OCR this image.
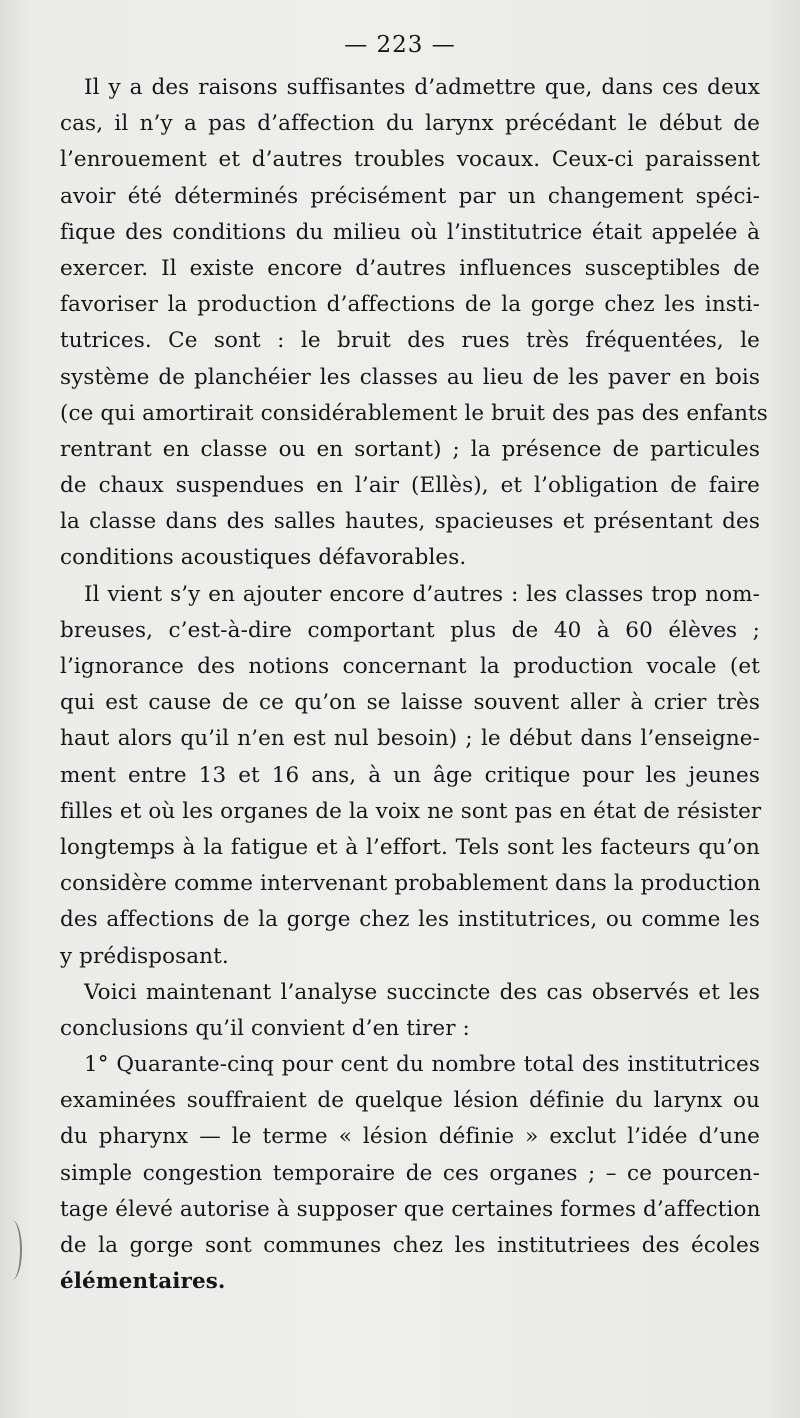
— 223 —
Il y a des raisons suffisantes d’admettre que, dans ces deux
cas, il n’y a pas d’affection du larynx précédant le début de
l’enrouement et d’autres troubles vocaux. Ceux-ci paraissent
avoir été déterminés précisément par un changement spéci-
fique des conditions du milieu où l’institutrice était appelée à
exercer. Il existe encore d’autres influences susceptibles de
favoriser la production d’affections de la gorge chez les insti-
tutrices. Ce sont : le bruit des rues très fréquentées, le
système de planchéier les classes au lieu de les paver en bois
(ce qui amortirait considérablement le bruit des pas des enfants
rentrant en classe ou en sortant) ; la présence de particules
de chaux suspendues en l’air (Ellès), et l’obligation de faire
la classe dans des salles hautes, spacieuses et présentant des
conditions acoustiques défavorables.
Il vient s’y en ajouter encore d’autres : les classes trop nom-
breuses, c’est-à-dire comportant plus de 40 à 60 élèves ;
l’ignorance des notions concernant la production vocale (et
qui est cause de ce qu’on se laisse souvent aller à crier très
haut alors qu’il n’en est nul besoin) ; le début dans l’enseigne-
ment entre 13 et 16 ans, à un âge critique pour les jeunes
filles et où les organes de la voix ne sont pas en état de résister
longtemps à la fatigue et à l’effort. Tels sont les facteurs qu’on
considère comme intervenant probablement dans la production
des affections de la gorge chez les institutrices, ou comme les
y prédisposant.
Voici maintenant l’analyse succincte des cas observés et les
conclusions qu’il convient d’en tirer :
1° Quarante-cinq pour cent du nombre total des institutrices
examinées souffraient de quelque lésion définie du larynx ou
du pharynx — le terme « lésion définie » exclut l’idée d’une
simple congestion temporaire de ces organes ; – ce pourcen-
tage élevé autorise à supposer que certaines formes d’affection
de la gorge sont communes chez les institutriees des écoles
élémentaires.
